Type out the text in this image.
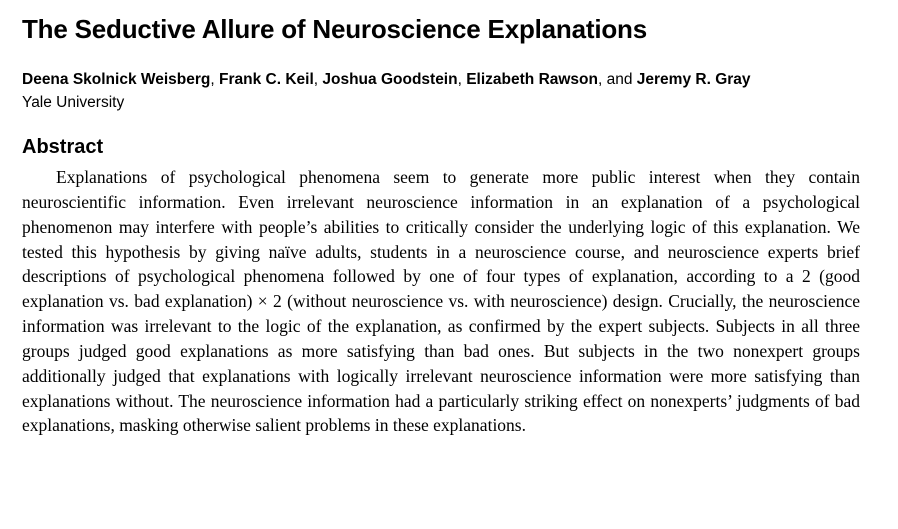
The Seductive Allure of Neuroscience Explanations

Deena Skolnick Weisberg, Frank C. Keil, Joshua Goodstein, Elizabeth Rawson, and Jeremy R. Gray

Yale University
Abstract

Explanations of psychological phenomena seem to generate more public interest when they contain neuroscientific information. Even irrelevant neuroscience information in an explanation of a psychological phenomenon may interfere with people’s abilities to critically consider the underlying logic of this explanation. We tested this hypothesis by giving naïve adults, students in a neuroscience course, and neuroscience experts brief descriptions of psychological phenomena followed by one of four types of explanation, according to a 2 (good explanation vs. bad explanation) × 2 (without neuroscience vs. with neuroscience) design. Crucially, the neuroscience information was irrelevant to the logic of the explanation, as confirmed by the expert subjects. Subjects in all three groups judged good explanations as more satisfying than bad ones. But subjects in the two nonexpert groups additionally judged that explanations with logically irrelevant neuroscience information were more satisfying than explanations without. The neuroscience information had a particularly striking effect on nonexperts’ judgments of bad explanations, masking otherwise salient problems in these explanations.
